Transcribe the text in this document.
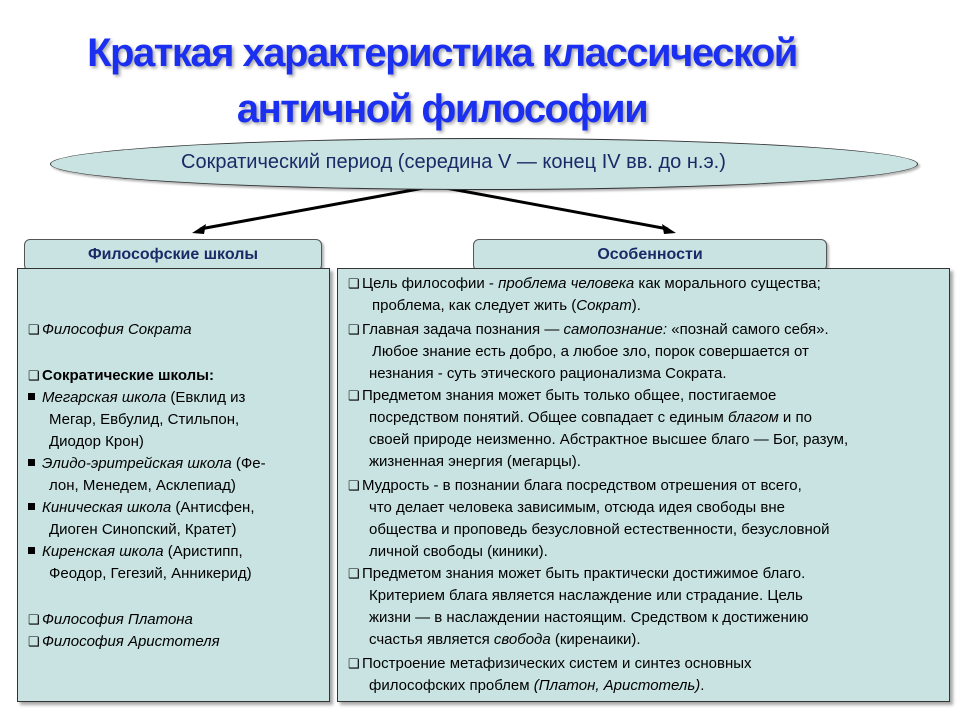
Краткая характеристика классической
античной философии
Сократический период (середина V — конец IV вв. до н.э.)
Философские школы	Особенности
❑ Философия Сократа
❑ Сократические школы:
Мегарская школа (Евклид из
Мегар, Евбулид, Стильпон,
Диодор Крон)
Элидо-эритрейская школа (Фе-
лон, Менедем, Асклепиад)
Киническая школа (Антисфен,
Диоген Синопский, Кратет)
Киренская школа (Аристипп,
Феодор, Гегезий, Анникерид)
❑ Философия Платона
❑ Философия Аристотеля
❑ Цель философии - проблема человека как морального существа;
проблема, как следует жить (Сократ).
❑ Главная задача познания — самопознание: «познай самого себя».
Любое знание есть добро, а любое зло, порок совершается от
незнания - суть этического рационализма Сократа.
❑ Предметом знания может быть только общее, постигаемое
посредством понятий. Общее совпадает с единым благом и по
своей природе неизменно. Абстрактное высшее благо — Бог, разум,
жизненная энергия (мегарцы).
❑ Мудрость - в познании блага посредством отрешения от всего,
что делает человека зависимым, отсюда идея свободы вне
общества и проповедь безусловной естественности, безусловной
личной свободы (киники).
❑ Предметом знания может быть практически достижимое благо.
Критерием блага является наслаждение или страдание. Цель
жизни — в наслаждении настоящим. Средством к достижению
счастья является свобода (киренаики).
❑ Построение метафизических систем и синтез основных
философских проблем (Платон, Аристотель).
